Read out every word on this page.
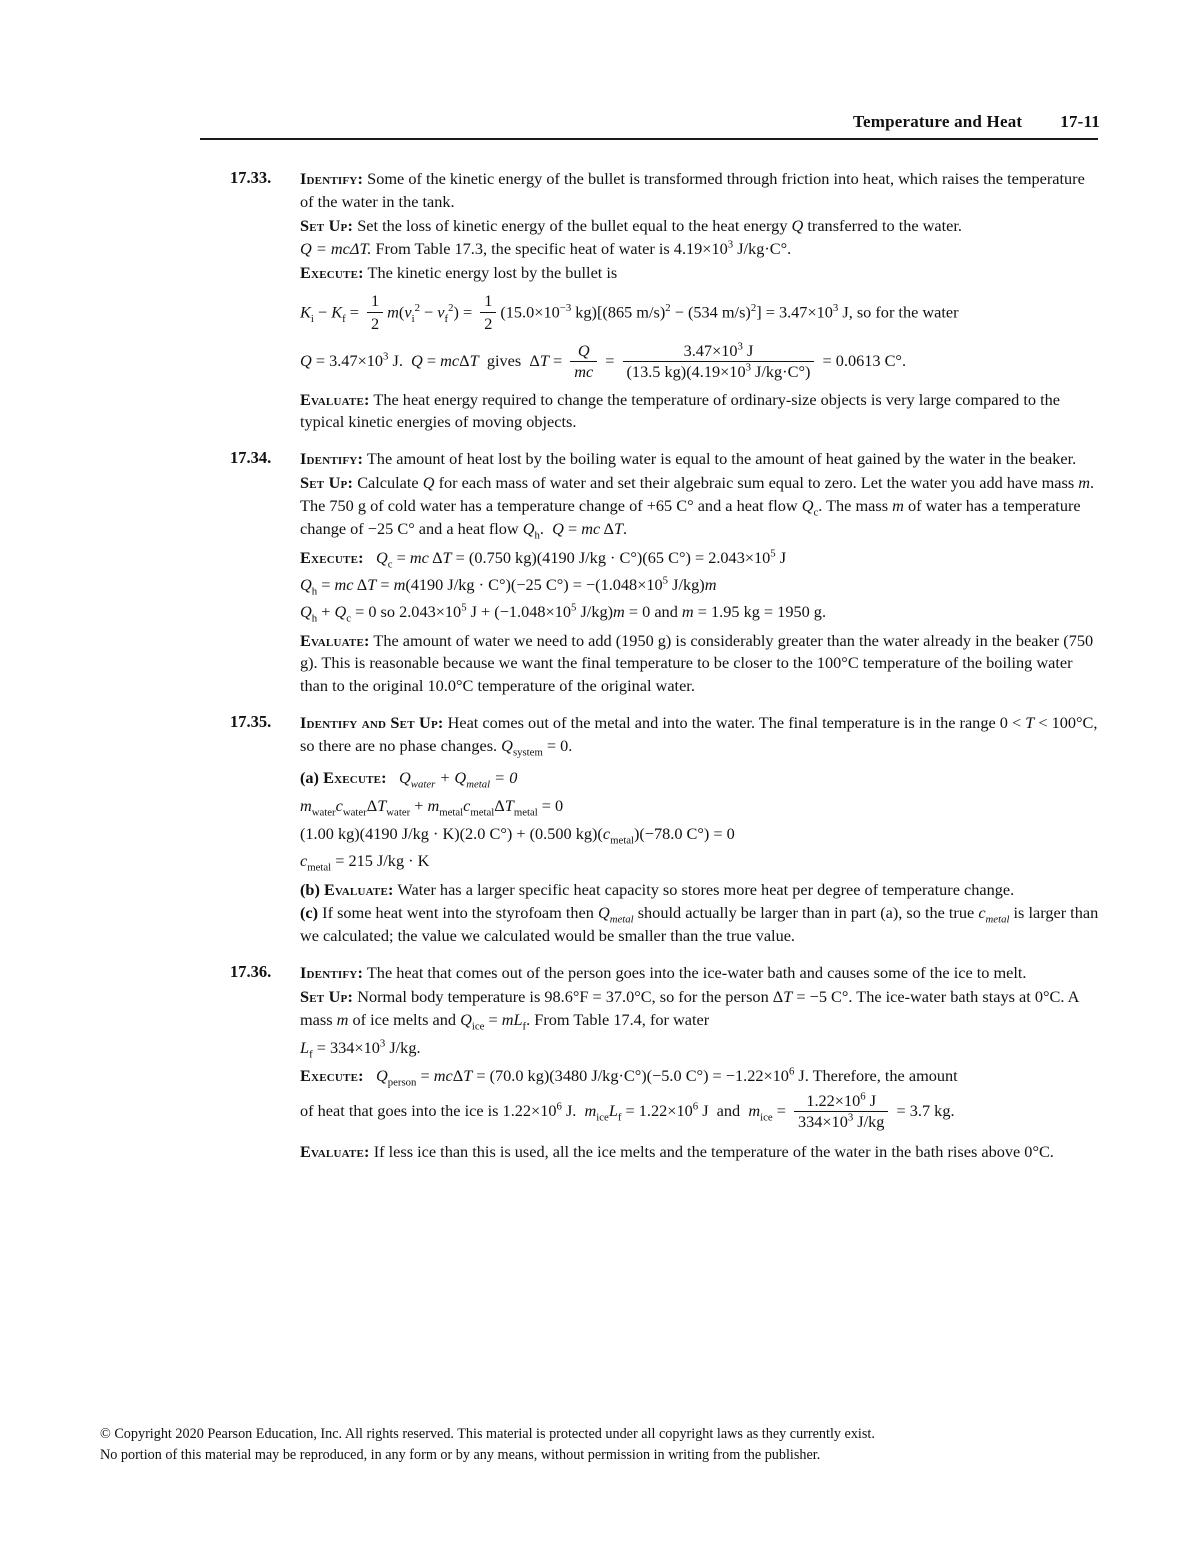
Temperature and Heat 17-11
17.33.	Identify: Some of the kinetic energy of the bullet is transformed through friction into heat, which raises the temperature of the water in the tank.

Set Up: Set the loss of kinetic energy of the bullet equal to the heat energy Q transferred to the water.

Q = mcΔT. From Table 17.3, the specific heat of water is $4.19\times 10^3$ J/kg·C°.

Execute: The kinetic energy lost by the bullet is

$K_i - K_f = \frac{1}{2} m(v_i^2 - v_f^2) = \frac{1}{2} (15.0\times 10^{-3}$ kg)[(865 m/s)$^2$ − (534 $m/s)^2] = 3.47\times 10^3$ J, so for the water
$Q = 3.47\times 10^3$ J.  Q = mcΔT gives  $\Delta T = \frac{Q}{mc} = \frac{3.47\times 10^3 J}{(13.5 kg)(4.19\times 10^3 J/kg\cdot C^\circ)} = 0.0613$ C°.

Evaluate: The heat energy required to change the temperature of ordinary-size objects is very large compared to the typical kinetic energies of moving objects.

17.34.	Identify: The amount of heat lost by the boiling water is equal to the amount of heat gained by the water in the beaker.

Set Up: Calculate Q for each mass of water and set their algebraic sum equal to zero. Let the water you add have mass m. The 750 g of cold water has a temperature change of +65 C° and a heat flow $Q_c$. The mass m of water has a temperature change of −25 C° and a heat flow $Q_h$.  Q = mc ΔT.

Execute: $Q_c$ = mc ΔT = (0.750 kg)(4190 J/kg · C°)(65 $C^\circ) = 2.043\times 10^5$ J
$Q_h$ = mc ΔT = m(4190 J/kg · C°)(−25 $C^\circ) = -(1.048\times 10^5$ J/kg)m
$Q_h + Q_c = 0$ so $2.043\times 10^5$ $J + (-1.048\times 10^5$ J/kg)m = 0 and m = 1.95 kg = 1950 g.

Evaluate: The amount of water we need to add (1950 g) is considerably greater than the water already in the beaker (750 g). This is reasonable because we want the final temperature to be closer to the 100°C temperature of the boiling water than to the original 10.0°C temperature of the original water.

17.35.	Identify and Set Up: Heat comes out of the metal and into the water. The final temperature is in the range 0 < T < 100°C, so there are no phase changes. $Q_{system} = 0$.

(a) Execute: $Q_{water} + Q_{metal} = 0$

$m_{water}c_{water}\Delta T_{water} + m_{metal}c_{metal}\Delta T_{metal} = 0$
(1.00 kg)(4190 J/kg · K)(2.0 C°) + (0.500 $kg)(c_{metal})(-78.0$ C°) = 0
$c_{metal} = 215$ J/kg · K

(b) Evaluate: Water has a larger specific heat capacity so stores more heat per degree of temperature change.

(c) If some heat went into the styrofoam then $Q_{metal}$ should actually be larger than in part (a), so the true $c_{metal}$ is larger than we calculated; the value we calculated would be smaller than the true value.

17.36.	Identify: The heat that comes out of the person goes into the ice-water bath and causes some of the ice to melt.

Set Up: Normal body temperature is 98.6°F = 37.0°C, so for the person ΔT = −5 C°. The ice-water bath stays at 0°C. A mass m of ice melts and $Q_{ice} = mL_f$. From Table 17.4, for water

$L_f = 334\times 10^3$ J/kg.
Execute: $Q_{person} = mc\Delta T = (70.0$ kg)(3480 J/kg·C°)(−5.0 $C^\circ) = -1.22\times 10^6$ J. Therefore, the amount
of heat that goes into the ice is $1.22\times 10^6$ J.  $m_{ice}L_f = 1.22\times 10^6$ J  and  $m_{ice} = \frac{1.22\times 10^6 J}{334\times 10^3 J/kg} = 3.7$ kg.

Evaluate: If less ice than this is used, all the ice melts and the temperature of the water in the bath rises above 0°C.

© Copyright 2020 Pearson Education, Inc. All rights reserved. This material is protected under all copyright laws as they currently exist.

No portion of this material may be reproduced, in any form or by any means, without permission in writing from the publisher.
